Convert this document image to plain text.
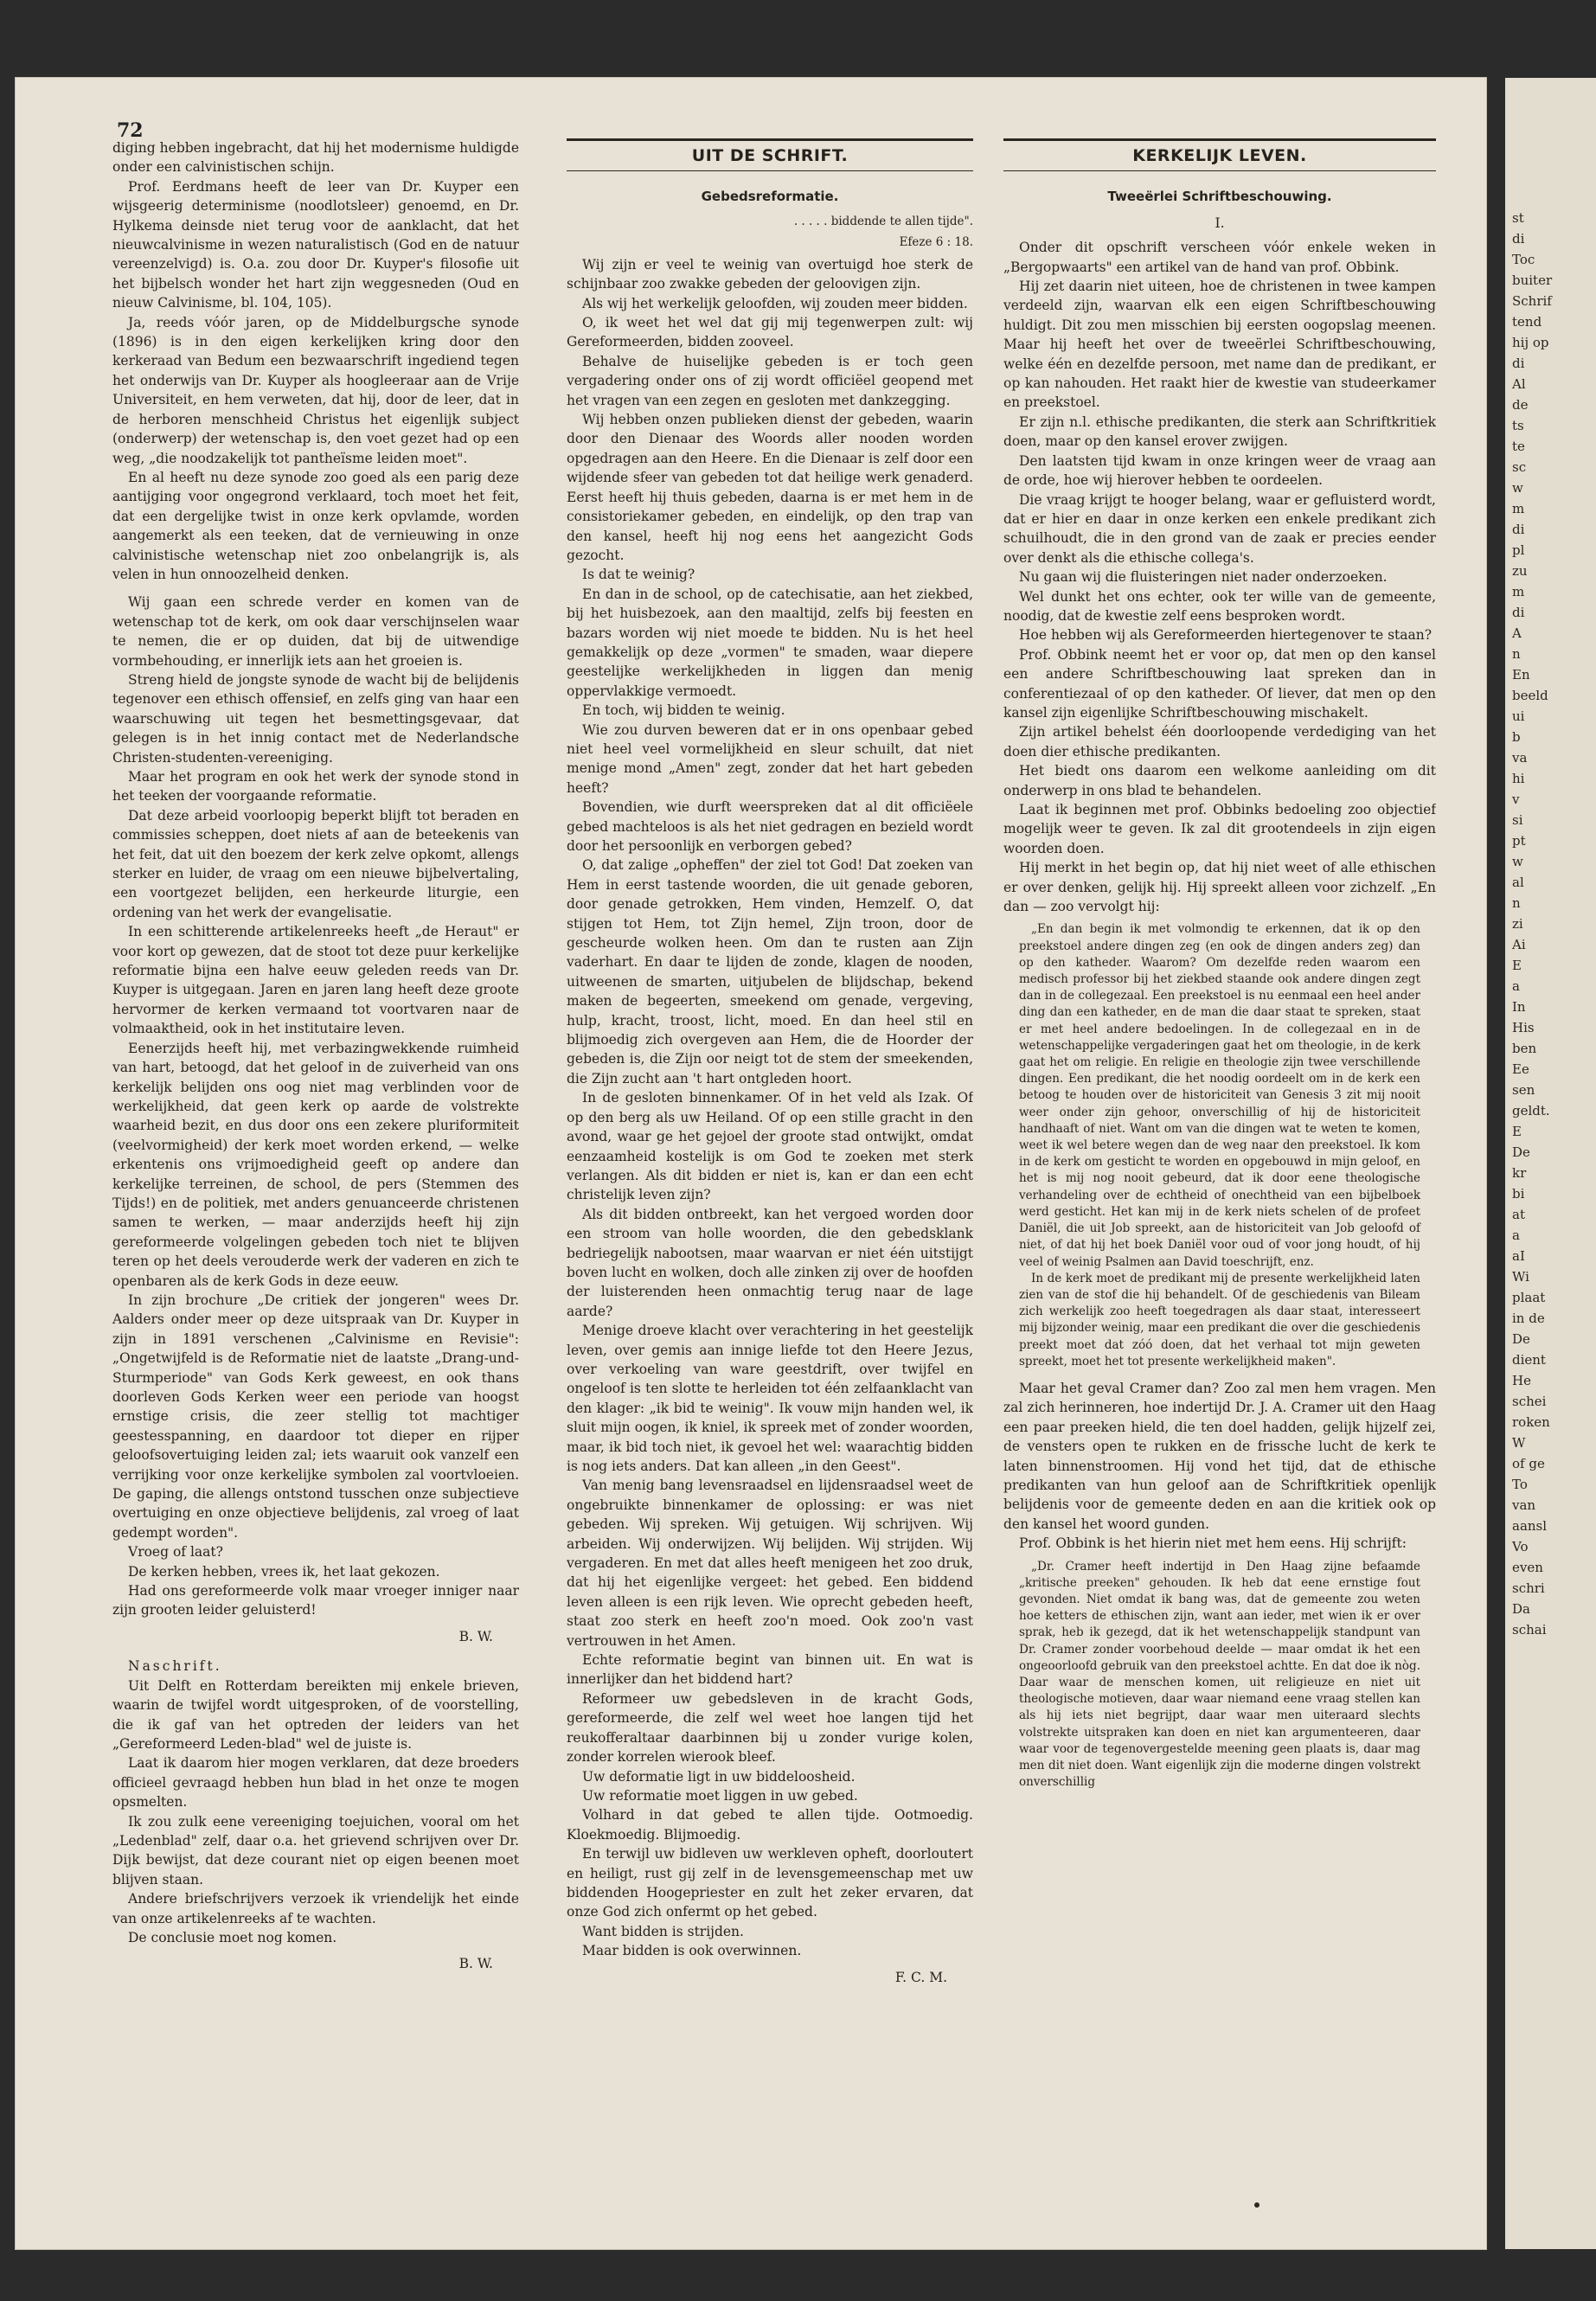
72

diging hebben ingebracht, dat hij het modernisme huldigde onder een calvinistischen schijn.

Prof. Eerdmans heeft de leer van Dr. Kuyper een wijsgeerig determinisme (noodlotsleer) genoemd, en Dr. Hylkema deinsde niet terug voor de aanklacht, dat het nieuwcalvinisme in wezen naturalistisch (God en de natuur vereenzelvigd) is. O.a. zou door Dr. Kuyper's filosofie uit het bijbelsch wonder het hart zijn weggesneden (Oud en nieuw Calvinisme, bl. 104, 105).

Ja, reeds vóór jaren, op de Middelburgsche synode (1896) is in den eigen kerkelijken kring door den kerkeraad van Bedum een bezwaarschrift ingediend tegen het onderwijs van Dr. Kuyper als hoogleeraar aan de Vrije Universiteit, en hem verweten, dat hij, door de leer, dat in de herboren menschheid Christus het eigenlijk subject (onderwerp) der wetenschap is, den voet gezet had op een weg, „die noodzakelijk tot pantheïsme leiden moet".

En al heeft nu deze synode zoo goed als een parig deze aantijging voor ongegrond verklaard, toch moet het feit, dat een dergelijke twist in onze kerk opvlamde, worden aangemerkt als een teeken, dat de vernieuwing in onze calvinistische wetenschap niet zoo onbelangrijk is, als velen in hun onnoozelheid denken.

Wij gaan een schrede verder en komen van de wetenschap tot de kerk, om ook daar verschijnselen waar te nemen, die er op duiden, dat bij de uitwendige vormbehouding, er innerlijk iets aan het groeien is.

Streng hield de jongste synode de wacht bij de belijdenis tegenover een ethisch offensief, en zelfs ging van haar een waarschuwing uit tegen het besmettingsgevaar, dat gelegen is in het innig contact met de Nederlandsche Christen-studenten-vereeniging.

Maar het program en ook het werk der synode stond in het teeken der voorgaande reformatie.

Dat deze arbeid voorloopig beperkt blijft tot beraden en commissies scheppen, doet niets af aan de beteekenis van het feit, dat uit den boezem der kerk zelve opkomt, allengs sterker en luider, de vraag om een nieuwe bijbelvertaling, een voortgezet belijden, een herkeurde liturgie, een ordening van het werk der evangelisatie.

In een schitterende artikelenreeks heeft „de Heraut" er voor kort op gewezen, dat de stoot tot deze puur kerkelijke reformatie bijna een halve eeuw geleden reeds van Dr. Kuyper is uitgegaan. Jaren en jaren lang heeft deze groote hervormer de kerken vermaand tot voortvaren naar de volmaaktheid, ook in het institutaire leven.

Eenerzijds heeft hij, met verbazingwekkende ruimheid van hart, betoogd, dat het geloof in de zuiverheid van ons kerkelijk belijden ons oog niet mag verblinden voor de werkelijkheid, dat geen kerk op aarde de volstrekte waarheid bezit, en dus door ons een zekere pluriformiteit (veelvormigheid) der kerk moet worden erkend, — welke erkentenis ons vrijmoedigheid geeft op andere dan kerkelijke terreinen, de school, de pers (Stemmen des Tijds!) en de politiek, met anders genuanceerde christenen samen te werken, — maar anderzijds heeft hij zijn gereformeerde volgelingen gebeden toch niet te blijven teren op het deels verouderde werk der vaderen en zich te openbaren als de kerk Gods in deze eeuw.

In zijn brochure „De critiek der jongeren" wees Dr. Aalders onder meer op deze uitspraak van Dr. Kuyper in zijn in 1891 verschenen „Calvinisme en Revisie": „Ongetwijfeld is de Reformatie niet de laatste „Drang-und-Sturmperiode" van Gods Kerk geweest, en ook thans doorleven Gods Kerken weer een periode van hoogst ernstige crisis, die zeer stellig tot machtiger geestesspanning, en daardoor tot dieper en rijper geloofsovertuiging leiden zal; iets waaruit ook vanzelf een verrijking voor onze kerkelijke symbolen zal voortvloeien. De gaping, die allengs ontstond tusschen onze subjectieve overtuiging en onze objectieve belijdenis, zal vroeg of laat gedempt worden".

Vroeg of laat?

De kerken hebben, vrees ik, het laat gekozen.

Had ons gereformeerde volk maar vroeger inniger naar zijn grooten leider geluisterd!

B. W.

Naschrift.

Uit Delft en Rotterdam bereikten mij enkele brieven, waarin de twijfel wordt uitgesproken, of de voorstelling, die ik gaf van het optreden der leiders van het „Gereformeerd Leden-blad" wel de juiste is.

Laat ik daarom hier mogen verklaren, dat deze broeders officieel gevraagd hebben hun blad in het onze te mogen opsmelten.

Ik zou zulk eene vereeniging toejuichen, vooral om het „Ledenblad" zelf, daar o.a. het grievend schrijven over Dr. Dijk bewijst, dat deze courant niet op eigen beenen moet blijven staan.

Andere briefschrijvers verzoek ik vriendelijk het einde van onze artikelenreeks af te wachten.

De conclusie moet nog komen.

B. W.
UIT DE SCHRIFT.
Gebedsreformatie.
. . . . . biddende te allen tijde".
Efeze 6 : 18.

Wij zijn er veel te weinig van overtuigd hoe sterk de schijnbaar zoo zwakke gebeden der geloovigen zijn.

Als wij het werkelijk geloofden, wij zouden meer bidden.

O, ik weet het wel dat gij mij tegenwerpen zult: wij Gereformeerden, bidden zooveel.

Behalve de huiselijke gebeden is er toch geen vergadering onder ons of zij wordt officiëel geopend met het vragen van een zegen en gesloten met dankzegging.

Wij hebben onzen publieken dienst der gebeden, waarin door den Dienaar des Woords aller nooden worden opgedragen aan den Heere. En die Dienaar is zelf door een wijdende sfeer van gebeden tot dat heilige werk genaderd. Eerst heeft hij thuis gebeden, daarna is er met hem in de consistoriekamer gebeden, en eindelijk, op den trap van den kansel, heeft hij nog eens het aangezicht Gods gezocht.

Is dat te weinig?

En dan in de school, op de catechisatie, aan het ziekbed, bij het huisbezoek, aan den maaltijd, zelfs bij feesten en bazars worden wij niet moede te bidden. Nu is het heel gemakkelijk op deze „vormen" te smaden, waar diepere geestelijke werkelijkheden in liggen dan menig oppervlakkige vermoedt.

En toch, wij bidden te weinig.

Wie zou durven beweren dat er in ons openbaar gebed niet heel veel vormelijkheid en sleur schuilt, dat niet menige mond „Amen" zegt, zonder dat het hart gebeden heeft?

Bovendien, wie durft weerspreken dat al dit officiëele gebed machteloos is als het niet gedragen en bezield wordt door het persoonlijk en verborgen gebed?

O, dat zalige „opheffen" der ziel tot God! Dat zoeken van Hem in eerst tastende woorden, die uit genade geboren, door genade getrokken, Hem vinden, Hemzelf. O, dat stijgen tot Hem, tot Zijn hemel, Zijn troon, door de gescheurde wolken heen. Om dan te rusten aan Zijn vaderhart. En daar te lijden de zonde, klagen de nooden, uitweenen de smarten, uitjubelen de blijdschap, bekend maken de begeerten, smeekend om genade, vergeving, hulp, kracht, troost, licht, moed. En dan heel stil en blijmoedig zich overgeven aan Hem, die de Hoorder der gebeden is, die Zijn oor neigt tot de stem der smeekenden, die Zijn zucht aan 't hart ontgleden hoort.

In de gesloten binnenkamer. Of in het veld als Izak. Of op den berg als uw Heiland. Of op een stille gracht in den avond, waar ge het gejoel der groote stad ontwijkt, omdat eenzaamheid kostelijk is om God te zoeken met sterk verlangen. Als dit bidden er niet is, kan er dan een echt christelijk leven zijn?

Als dit bidden ontbreekt, kan het vergoed worden door een stroom van holle woorden, die den gebedsklank bedriegelijk nabootsen, maar waarvan er niet één uitstijgt boven lucht en wolken, doch alle zinken zij over de hoofden der luisterenden heen onmachtig terug naar de lage aarde?

Menige droeve klacht over verachtering in het geestelijk leven, over gemis aan innige liefde tot den Heere Jezus, over verkoeling van ware geestdrift, over twijfel en ongeloof is ten slotte te herleiden tot één zelfaanklacht van den klager: „ik bid te weinig". Ik vouw mijn handen wel, ik sluit mijn oogen, ik kniel, ik spreek met of zonder woorden, maar, ik bid toch niet, ik gevoel het wel: waarachtig bidden is nog iets anders. Dat kan alleen „in den Geest".

Van menig bang levensraadsel en lijdensraadsel weet de ongebruikte binnenkamer de oplossing: er was niet gebeden. Wij spreken. Wij getuigen. Wij schrijven. Wij arbeiden. Wij onderwijzen. Wij belijden. Wij strijden. Wij vergaderen. En met dat alles heeft menigeen het zoo druk, dat hij het eigenlijke vergeet: het gebed. Een biddend leven alleen is een rijk leven. Wie oprecht gebeden heeft, staat zoo sterk en heeft zoo'n moed. Ook zoo'n vast vertrouwen in het Amen.

Echte reformatie begint van binnen uit. En wat is innerlijker dan het biddend hart?

Reformeer uw gebedsleven in de kracht Gods, gereformeerde, die zelf wel weet hoe langen tijd het reukofferaltaar daarbinnen bij u zonder vurige kolen, zonder korrelen wierook bleef.

Uw deformatie ligt in uw biddeloosheid.

Uw reformatie moet liggen in uw gebed.

Volhard in dat gebed te allen tijde. Ootmoedig. Kloekmoedig. Blijmoedig.

En terwijl uw bidleven uw werkleven opheft, doorloutert en heiligt, rust gij zelf in de levensgemeenschap met uw biddenden Hoogepriester en zult het zeker ervaren, dat onze God zich onfermt op het gebed.

Want bidden is strijden.

Maar bidden is ook overwinnen.

F. C. M.
KERKELIJK LEVEN.
Tweeërlei Schriftbeschouwing.
I.

Onder dit opschrift verscheen vóór enkele weken in „Bergopwaarts" een artikel van de hand van prof. Obbink.

Hij zet daarin niet uiteen, hoe de christenen in twee kampen verdeeld zijn, waarvan elk een eigen Schriftbeschouwing huldigt. Dit zou men misschien bij eersten oogopslag meenen. Maar hij heeft het over de tweeërlei Schriftbeschouwing, welke één en dezelfde persoon, met name dan de predikant, er op kan nahouden. Het raakt hier de kwestie van studeerkamer en preekstoel.

Er zijn n.l. ethische predikanten, die sterk aan Schriftkritiek doen, maar op den kansel erover zwijgen.

Den laatsten tijd kwam in onze kringen weer de vraag aan de orde, hoe wij hierover hebben te oordeelen.

Die vraag krijgt te hooger belang, waar er gefluisterd wordt, dat er hier en daar in onze kerken een enkele predikant zich schuilhoudt, die in den grond van de zaak er precies eender over denkt als die ethische collega's.

Nu gaan wij die fluisteringen niet nader onderzoeken.

Wel dunkt het ons echter, ook ter wille van de gemeente, noodig, dat de kwestie zelf eens besproken wordt.

Hoe hebben wij als Gereformeerden hiertegenover te staan?

Prof. Obbink neemt het er voor op, dat men op den kansel een andere Schriftbeschouwing laat spreken dan in conferentiezaal of op den katheder. Of liever, dat men op den kansel zijn eigenlijke Schriftbeschouwing mischakelt.

Zijn artikel behelst één doorloopende verdediging van het doen dier ethische predikanten.

Het biedt ons daarom een welkome aanleiding om dit onderwerp in ons blad te behandelen.

Laat ik beginnen met prof. Obbinks bedoeling zoo objectief mogelijk weer te geven. Ik zal dit grootendeels in zijn eigen woorden doen.

Hij merkt in het begin op, dat hij niet weet of alle ethischen er over denken, gelijk hij. Hij spreekt alleen voor zichzelf. „En dan — zoo vervolgt hij:

„En dan begin ik met volmondig te erkennen, dat ik op den preekstoel andere dingen zeg (en ook de dingen anders zeg) dan op den katheder. Waarom? Om dezelfde reden waarom een medisch professor bij het ziekbed staande ook andere dingen zegt dan in de collegezaal. Een preekstoel is nu eenmaal een heel ander ding dan een katheder, en de man die daar staat te spreken, staat er met heel andere bedoelingen. In de collegezaal en in de wetenschappelijke vergaderingen gaat het om theologie, in de kerk gaat het om religie. En religie en theologie zijn twee verschillende dingen. Een predikant, die het noodig oordeelt om in de kerk een betoog te houden over de historiciteit van Genesis 3 zit mij nooit weer onder zijn gehoor, onverschillig of hij de historiciteit handhaaft of niet. Want om van die dingen wat te weten te komen, weet ik wel betere wegen dan de weg naar den preekstoel. Ik kom in de kerk om gesticht te worden en opgebouwd in mijn geloof, en het is mij nog nooit gebeurd, dat ik door eene theologische verhandeling over de echtheid of onechtheid van een bijbelboek werd gesticht. Het kan mij in de kerk niets schelen of de profeet Daniël, die uit Job spreekt, aan de historiciteit van Job geloofd of niet, of dat hij het boek Daniël voor oud of voor jong houdt, of hij veel of weinig Psalmen aan David toeschrijft, enz.

In de kerk moet de predikant mij de presente werkelijkheid laten zien van de stof die hij behandelt. Of de geschiedenis van Bileam zich werkelijk zoo heeft toegedragen als daar staat, interesseert mij bijzonder weinig, maar een predikant die over die geschiedenis preekt moet dat zóó doen, dat het verhaal tot mijn geweten spreekt, moet het tot presente werkelijkheid maken".

Maar het geval Cramer dan? Zoo zal men hem vragen. Men zal zich herinneren, hoe indertijd Dr. J. A. Cramer uit den Haag een paar preeken hield, die ten doel hadden, gelijk hijzelf zei, de vensters open te rukken en de frissche lucht de kerk te laten binnenstroomen. Hij vond het tijd, dat de ethische predikanten van hun geloof aan de Schriftkritiek openlijk belijdenis voor de gemeente deden en aan die kritiek ook op den kansel het woord gunden.

Prof. Obbink is het hierin niet met hem eens. Hij schrijft:

„Dr. Cramer heeft indertijd in Den Haag zijne befaamde „kritische preeken" gehouden. Ik heb dat eene ernstige fout gevonden. Niet omdat ik bang was, dat de gemeente zou weten hoe ketters de ethischen zijn, want aan ieder, met wien ik er over sprak, heb ik gezegd, dat ik het wetenschappelijk standpunt van Dr. Cramer zonder voorbehoud deelde — maar omdat ik het een ongeoorloofd gebruik van den preekstoel achtte. En dat doe ik nòg. Daar waar de menschen komen, uit religieuze en niet uit theologische motieven, daar waar niemand eene vraag stellen kan als hij iets niet begrijpt, daar waar men uiteraard slechts volstrekte uitspraken kan doen en niet kan argumenteeren, daar waar voor de tegenovergestelde meening geen plaats is, daar mag men dit niet doen. Want eigenlijk zijn die moderne dingen volstrekt onverschillig

st
di
Toc
buiter
Schrif
tend
hij op
di
Al
de
ts
te
sc
w
m
di
pl
zu
m
di
A
n
En
beeld
ui
b
va
hi
v
si
pt
w
al
n
zi
Ai
E
a
In
His
ben
Ee
sen
geldt.
E
De
kr
bi
at
a
aI
Wi
plaat
in de
De
dient
He
schei
roken
W
of ge
To
van
aansl
Vo
even
schri
Da
schai
